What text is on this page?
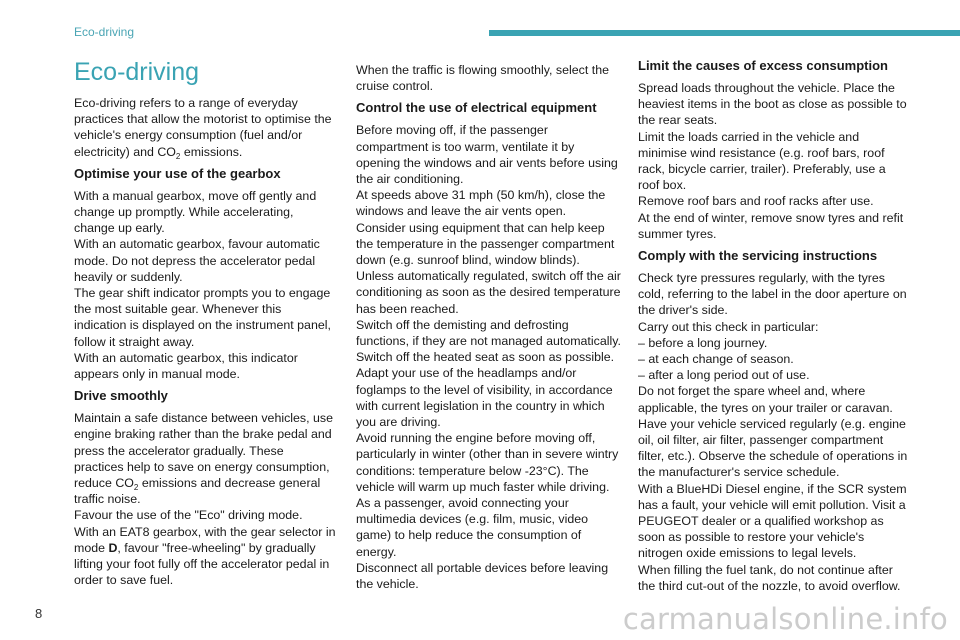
Eco-driving
Eco-driving

Eco-driving refers to a range of everyday practices that allow the motorist to optimise the vehicle's energy consumption (fuel and/or electricity) and $CO_2$ emissions.

Optimise your use of the gearbox

With a manual gearbox, move off gently and change up promptly. While accelerating, change up early.

With an automatic gearbox, favour automatic mode. Do not depress the accelerator pedal heavily or suddenly.

The gear shift indicator prompts you to engage the most suitable gear. Whenever this indication is displayed on the instrument panel, follow it straight away.

With an automatic gearbox, this indicator appears only in manual mode.

Drive smoothly

Maintain a safe distance between vehicles, use engine braking rather than the brake pedal and press the accelerator gradually. These practices help to save on energy consumption, reduce $CO_2$ emissions and decrease general traffic noise.

Favour the use of the "Eco" driving mode.

With an EAT8 gearbox, with the gear selector in mode D, favour "free-wheeling" by gradually lifting your foot fully off the accelerator pedal in order to save fuel.

When the traffic is flowing smoothly, select the cruise control.

Control the use of electrical equipment

Before moving off, if the passenger compartment is too warm, ventilate it by opening the windows and air vents before using the air conditioning.

At speeds above 31 mph (50 km/h), close the windows and leave the air vents open.

Consider using equipment that can help keep the temperature in the passenger compartment down (e.g. sunroof blind, window blinds).

Unless automatically regulated, switch off the air conditioning as soon as the desired temperature has been reached.

Switch off the demisting and defrosting functions, if they are not managed automatically.

Switch off the heated seat as soon as possible.

Adapt your use of the headlamps and/or foglamps to the level of visibility, in accordance with current legislation in the country in which you are driving.

Avoid running the engine before moving off, particularly in winter (other than in severe wintry conditions: temperature below -23°C). The vehicle will warm up much faster while driving.

As a passenger, avoid connecting your multimedia devices (e.g. film, music, video game) to help reduce the consumption of energy.

Disconnect all portable devices before leaving the vehicle.

Limit the causes of excess consumption

Spread loads throughout the vehicle. Place the heaviest items in the boot as close as possible to the rear seats.

Limit the loads carried in the vehicle and minimise wind resistance (e.g. roof bars, roof rack, bicycle carrier, trailer). Preferably, use a roof box.

Remove roof bars and roof racks after use.

At the end of winter, remove snow tyres and refit summer tyres.

Comply with the servicing instructions

Check tyre pressures regularly, with the tyres cold, referring to the label in the door aperture on the driver's side.

Carry out this check in particular:

– before a long journey.

– at each change of season.

– after a long period out of use.

Do not forget the spare wheel and, where applicable, the tyres on your trailer or caravan.

Have your vehicle serviced regularly (e.g. engine oil, oil filter, air filter, passenger compartment filter, etc.). Observe the schedule of operations in the manufacturer's service schedule.

With a BlueHDi Diesel engine, if the SCR system has a fault, your vehicle will emit pollution. Visit a PEUGEOT dealer or a qualified workshop as soon as possible to restore your vehicle's nitrogen oxide emissions to legal levels.

When filling the fuel tank, do not continue after the third cut-out of the nozzle, to avoid overflow.

8	carmanualsonline.info
